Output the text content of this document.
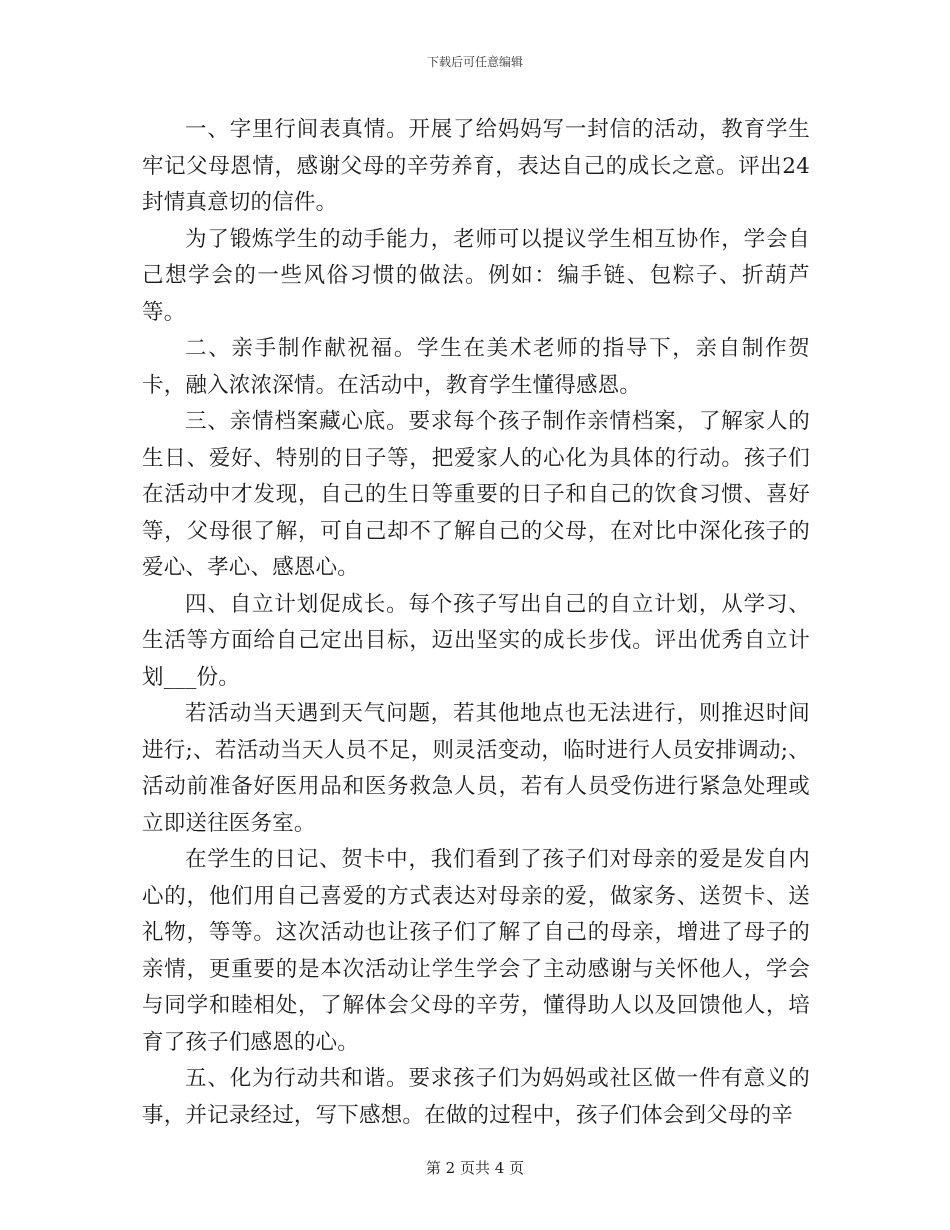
下载后可任意编辑

一、字里行间表真情。开展了给妈妈写一封信的活动，教育学生牢记父母恩情，感谢父母的辛劳养育，表达自己的成长之意。评出24封情真意切的信件。

为了锻炼学生的动手能力，老师可以提议学生相互协作，学会自己想学会的一些风俗习惯的做法。例如：编手链、包粽子、折葫芦等。

二、亲手制作献祝福。学生在美术老师的指导下，亲自制作贺卡，融入浓浓深情。在活动中，教育学生懂得感恩。

三、亲情档案藏心底。要求每个孩子制作亲情档案，了解家人的生日、爱好、特别的日子等，把爱家人的心化为具体的行动。孩子们在活动中才发现，自己的生日等重要的日子和自己的饮食习惯、喜好等，父母很了解，可自己却不了解自己的父母，在对比中深化孩子的爱心、孝心、感恩心。

四、自立计划促成长。每个孩子写出自己的自立计划，从学习、生活等方面给自己定出目标，迈出坚实的成长步伐。评出优秀自立计划___份。

若活动当天遇到天气问题，若其他地点也无法进行，则推迟时间进行;、若活动当天人员不足，则灵活变动，临时进行人员安排调动;、活动前准备好医用品和医务救急人员，若有人员受伤进行紧急处理或立即送往医务室。

在学生的日记、贺卡中，我们看到了孩子们对母亲的爱是发自内心的，他们用自己喜爱的方式表达对母亲的爱，做家务、送贺卡、送礼物，等等。这次活动也让孩子们了解了自己的母亲，增进了母子的亲情，更重要的是本次活动让学生学会了主动感谢与关怀他人，学会与同学和睦相处，了解体会父母的辛劳，懂得助人以及回馈他人，培育了孩子们感恩的心。

五、化为行动共和谐。要求孩子们为妈妈或社区做一件有意义的事，并记录经过，写下感想。在做的过程中，孩子们体会到父母的辛

第 2 页共 4 页
